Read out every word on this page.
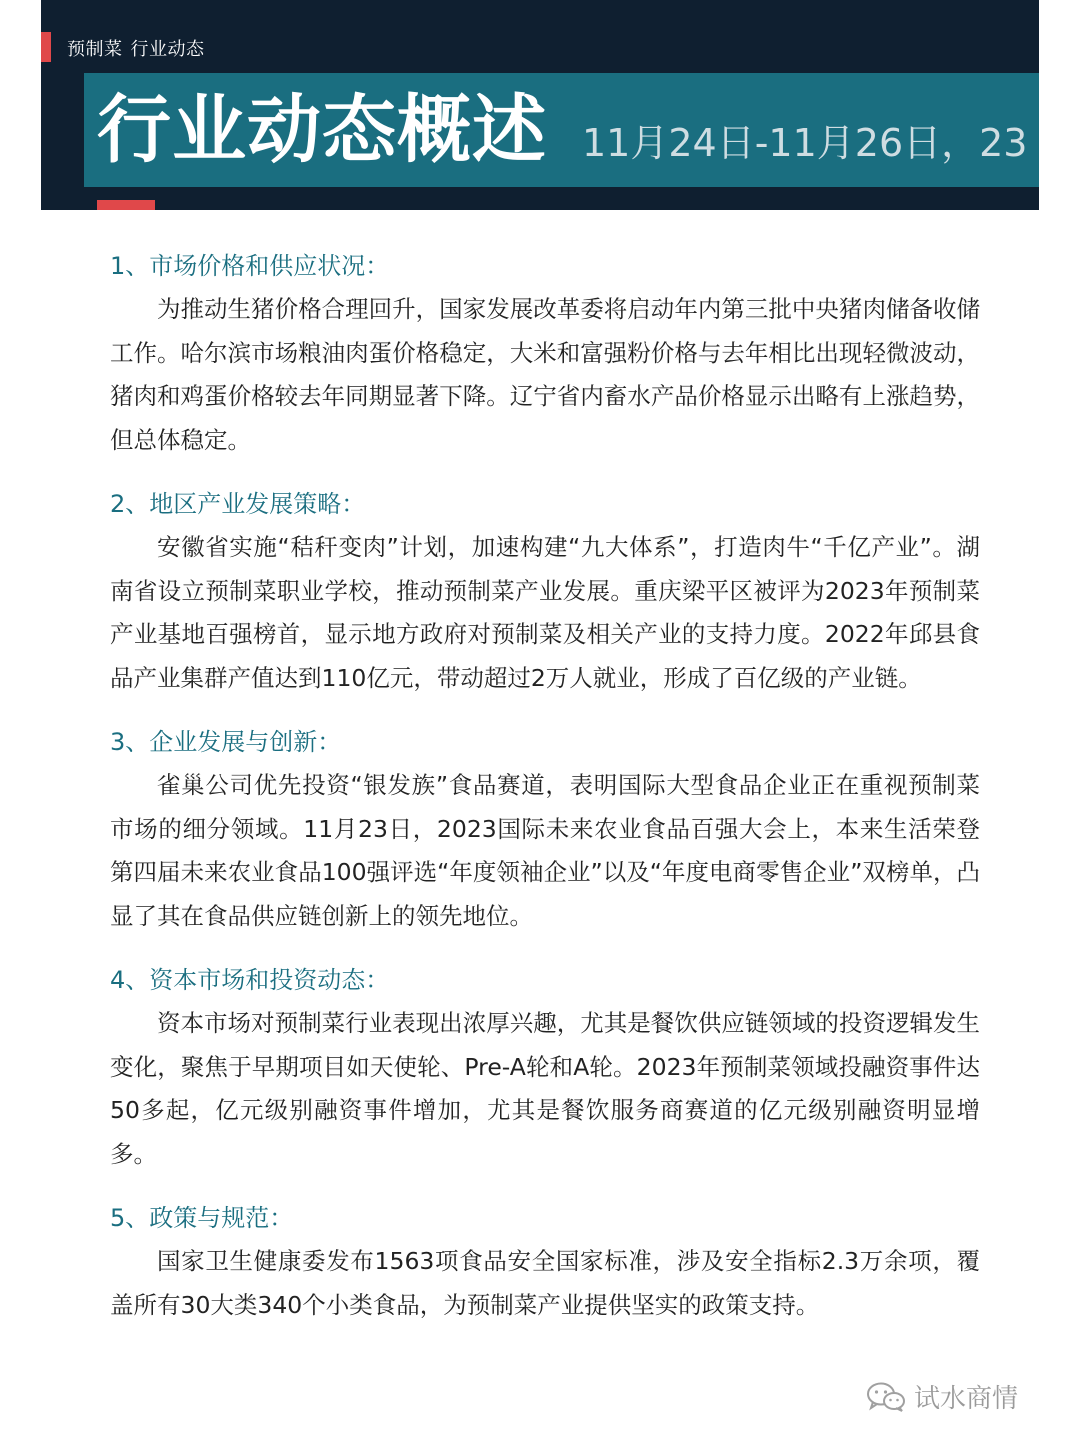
预制菜 行业动态
行业动态概述 11月24日-11月26日，23
1、市场价格和供应状况：

为推动生猪价格合理回升，国家发展改革委将启动年内第三批中央猪肉储备收储工作。哈尔滨市场粮油肉蛋价格稳定，大米和富强粉价格与去年相比出现轻微波动，猪肉和鸡蛋价格较去年同期显著下降。辽宁省内畜水产品价格显示出略有上涨趋势，但总体稳定。

2、地区产业发展策略：

安徽省实施“秸秆变肉”计划，加速构建“九大体系”，打造肉牛“千亿产业”。湖南省设立预制菜职业学校，推动预制菜产业发展。重庆梁平区被评为2023年预制菜产业基地百强榜首，显示地方政府对预制菜及相关产业的支持力度。2022年邱县食品产业集群产值达到110亿元，带动超过2万人就业，形成了百亿级的产业链。

3、企业发展与创新：

雀巢公司优先投资“银发族”食品赛道，表明国际大型食品企业正在重视预制菜市场的细分领域。11月23日，2023国际未来农业食品百强大会上，本来生活荣登第四届未来农业食品100强评选“年度领袖企业”以及“年度电商零售企业”双榜单，凸显了其在食品供应链创新上的领先地位。

4、资本市场和投资动态：

资本市场对预制菜行业表现出浓厚兴趣，尤其是餐饮供应链领域的投资逻辑发生变化，聚焦于早期项目如天使轮、Pre-A轮和A轮。2023年预制菜领域投融资事件达50多起，亿元级别融资事件增加，尤其是餐饮服务商赛道的亿元级别融资明显增多。

5、政策与规范：

国家卫生健康委发布1563项食品安全国家标准，涉及安全指标2.3万余项，覆盖所有30大类340个小类食品，为预制菜产业提供坚实的政策支持。

试水商情
